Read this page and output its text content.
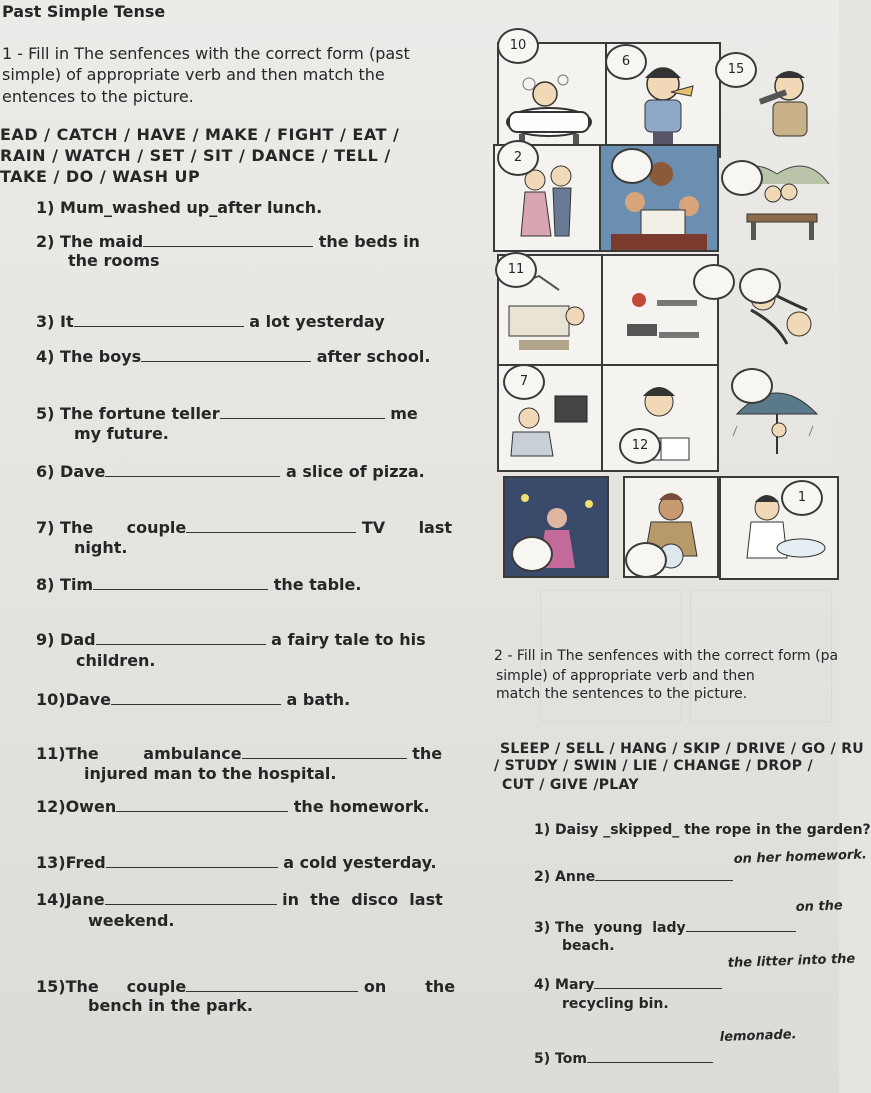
Past Simple Tense
1 - Fill in The senfences with the correct form (past
simple) of appropriate verb and then match the
entences to the picture.
EAD / CATCH / HAVE / MAKE / FIGHT / EAT /
RAIN / WATCH / SET / SIT / DANCE / TELL /
TAKE / DO / WASH UP
1) Mum_washed up_after lunch.
2) The maid	the beds in
the rooms
3) It	a lot yesterday
4) The boys	after school.
5) The fortune teller	me
my future.
6) Dave	a slice of pizza.
7) The      couple	TV      last
night.
8) Tim	the table.
9) Dad	a fairy tale to his
children.
10)Dave	a bath.
11)The        ambulance	the
injured man to the hospital.
12)Owen	the homework.
13)Fred	a cold yesterday.
14)Jane	in  the  disco  last
weekend.
15)The     couple	on       the
bench in the park.
10
6
15
2
11
7
12
1
2 - Fill in The senfences with the correct form (pa
simple) of appropriate verb and then
match the sentences to the picture.
SLEEP / SELL / HANG / SKIP / DRIVE / GO / RU
/ STUDY / SWIN / LIE / CHANGE / DROP /
CUT / GIVE /PLAY
1) Daisy _skipped_ the rope in the garden?
2) Anne
on her homework.
3) The  young  lady
on the
beach.
4) Mary
the litter into the
recycling bin.
5) Tom
lemonade.
